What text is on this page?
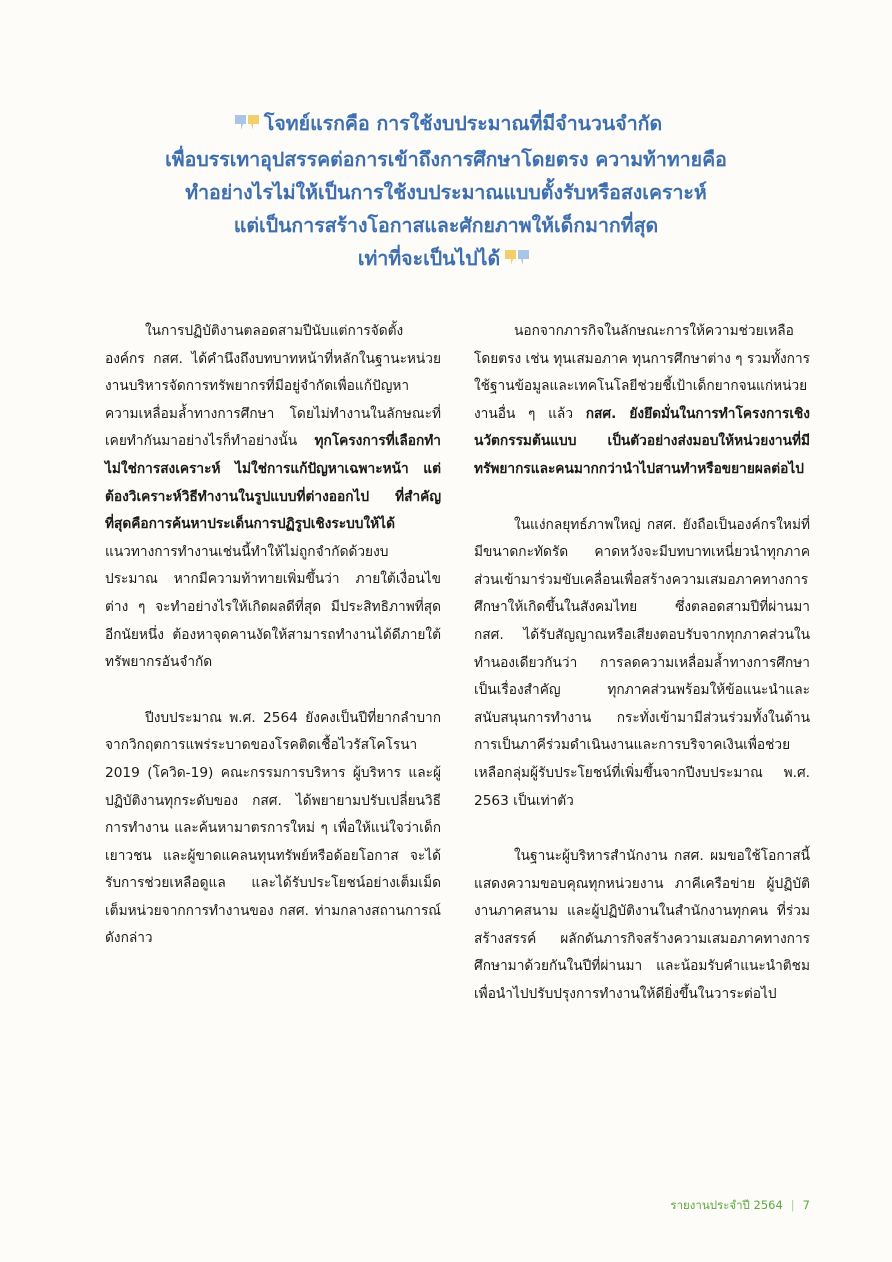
โจทย์แรกคือ การใช้งบประมาณที่มีจำนวนจำกัด
เพื่อบรรเทาอุปสรรคต่อการเข้าถึงการศึกษาโดยตรง ความท้าทายคือ
ทำอย่างไรไม่ให้เป็นการใช้งบประมาณแบบตั้งรับหรือสงเคราะห์
แต่เป็นการสร้างโอกาสและศักยภาพให้เด็กมากที่สุด
เท่าที่จะเป็นไปได้

ในการปฏิบัติงานตลอดสามปีนับแต่การจัดตั้งองค์กร กสศ. ได้คำนึงถึงบทบาทหน้าที่หลักในฐานะหน่วยงานบริหารจัดการทรัพยากรที่มีอยู่จำกัดเพื่อแก้ปัญหาความเหลื่อมล้ำทางการศึกษา โดยไม่ทำงานในลักษณะที่เคยทำกันมาอย่างไรก็ทำอย่างนั้น ทุกโครงการที่เลือกทำไม่ใช่การสงเคราะห์ ไม่ใช่การแก้ปัญหาเฉพาะหน้า แต่ต้องวิเคราะห์วิธีทำงานในรูปแบบที่ต่างออกไป ที่สำคัญที่สุดคือการค้นหาประเด็นการปฏิรูปเชิงระบบให้ได้ แนวทางการทำงานเช่นนี้ทำให้ไม่ถูกจำกัดด้วยงบประมาณ หากมีความท้าทายเพิ่มขึ้นว่า ภายใต้เงื่อนไขต่าง ๆ จะทำอย่างไรให้เกิดผลดีที่สุด มีประสิทธิภาพที่สุด อีกนัยหนึ่ง ต้องหาจุดคานงัดให้สามารถทำงานได้ดีภายใต้ทรัพยากรอันจำกัด

ปีงบประมาณ พ.ศ. 2564 ยังคงเป็นปีที่ยากลำบากจากวิกฤตการแพร่ระบาดของโรคติดเชื้อไวรัสโคโรนา 2019 (โควิด-19) คณะกรรมการบริหาร ผู้บริหาร และผู้ปฏิบัติงานทุกระดับของ กสศ. ได้พยายามปรับเปลี่ยนวิธีการทำงาน และค้นหามาตรการใหม่ ๆ เพื่อให้แน่ใจว่าเด็ก เยาวชน และผู้ขาดแคลนทุนทรัพย์หรือด้อยโอกาส จะได้รับการช่วยเหลือดูแล และได้รับประโยชน์อย่างเต็มเม็ดเต็มหน่วยจากการทำงานของ กสศ. ท่ามกลางสถานการณ์ดังกล่าว

นอกจากภารกิจในลักษณะการให้ความช่วยเหลือโดยตรง เช่น ทุนเสมอภาค ทุนการศึกษาต่าง ๆ รวมทั้งการใช้ฐานข้อมูลและเทคโนโลยีช่วยชี้เป้าเด็กยากจนแก่หน่วยงานอื่น ๆ แล้ว กสศ. ยังยึดมั่นในการทำโครงการเชิงนวัตกรรมต้นแบบ เป็นตัวอย่างส่งมอบให้หน่วยงานที่มีทรัพยากรและคนมากกว่านำไปสานทำหรือขยายผลต่อไป

ในแง่กลยุทธ์ภาพใหญ่ กสศ. ยังถือเป็นองค์กรใหม่ที่มีขนาดกะทัดรัด คาดหวังจะมีบทบาทเหนี่ยวนำทุกภาคส่วนเข้ามาร่วมขับเคลื่อนเพื่อสร้างความเสมอภาคทางการศึกษาให้เกิดขึ้นในสังคมไทย ซึ่งตลอดสามปีที่ผ่านมา กสศ. ได้รับสัญญาณหรือเสียงตอบรับจากทุกภาคส่วนในทำนองเดียวกันว่า การลดความเหลื่อมล้ำทางการศึกษาเป็นเรื่องสำคัญ ทุกภาคส่วนพร้อมให้ข้อแนะนำและสนับสนุนการทำงาน กระทั่งเข้ามามีส่วนร่วมทั้งในด้านการเป็นภาคีร่วมดำเนินงานและการบริจาคเงินเพื่อช่วยเหลือกลุ่มผู้รับประโยชน์ที่เพิ่มขึ้นจากปีงบประมาณ พ.ศ. 2563 เป็นเท่าตัว

ในฐานะผู้บริหารสำนักงาน กสศ. ผมขอใช้โอกาสนี้แสดงความขอบคุณทุกหน่วยงาน ภาคีเครือข่าย ผู้ปฏิบัติงานภาคสนาม และผู้ปฏิบัติงานในสำนักงานทุกคน ที่ร่วมสร้างสรรค์ ผลักดันภารกิจสร้างความเสมอภาคทางการศึกษามาด้วยกันในปีที่ผ่านมา และน้อมรับคำแนะนำติชม เพื่อนำไปปรับปรุงการทำงานให้ดียิ่งขึ้นในวาระต่อไป

รายงานประจำปี 2564 | 7
